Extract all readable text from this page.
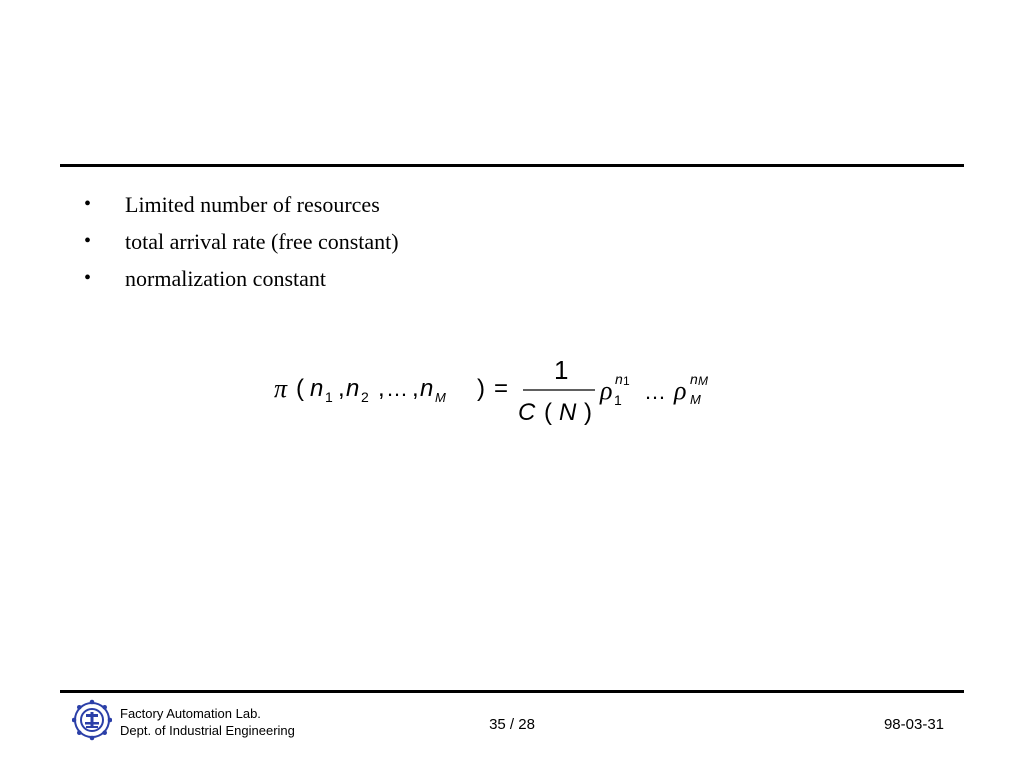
•	Limited number of resources
•	total arrival rate (free constant)
•	normalization constant
π ( n 1 , n 2 , … , n M ) =
1
C ( N )
ρ n 1
1 … ρ n M
M
Factory Automation Lab.
Dept. of Industrial Engineering	35 / 28	98-03-31
